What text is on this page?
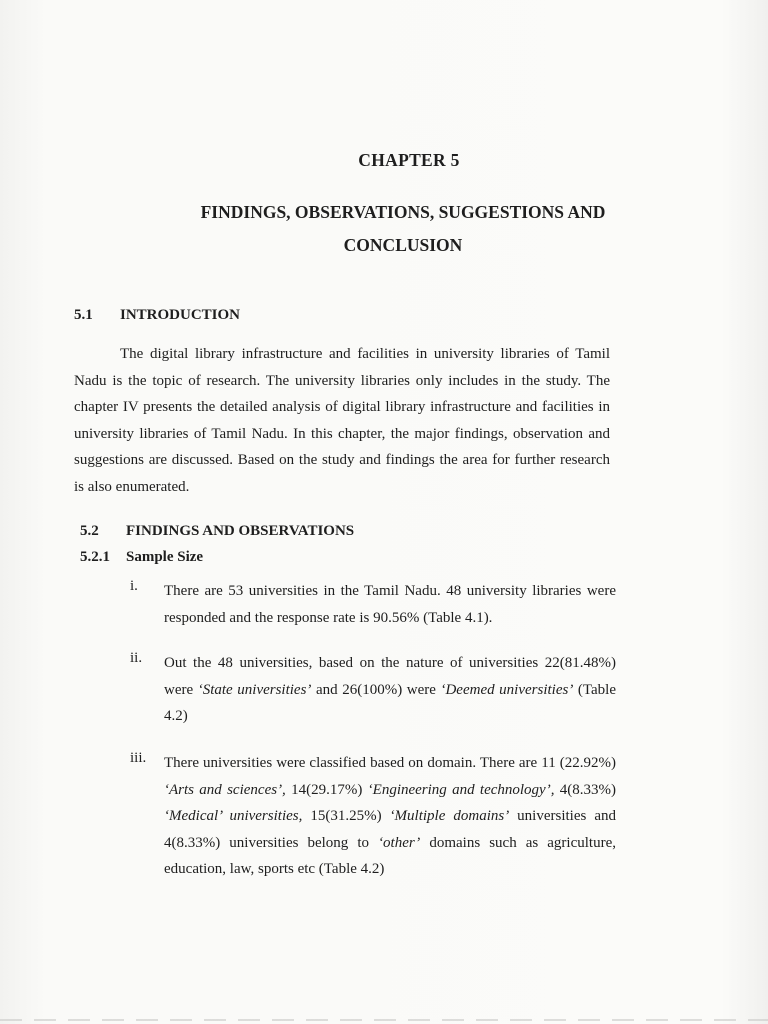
CHAPTER 5
FINDINGS, OBSERVATIONS, SUGGESTIONS AND
CONCLUSION
5.1 INTRODUCTION

The digital library infrastructure and facilities in university libraries of Tamil Nadu is the topic of research. The university libraries only includes in the study. The chapter IV presents the detailed analysis of digital library infrastructure and facilities in university libraries of Tamil Nadu. In this chapter, the major findings, observation and suggestions are discussed. Based on the study and findings the area for further research is also enumerated.

5.2 FINDINGS AND OBSERVATIONS
5.2.1 Sample Size
i. There are 53 universities in the Tamil Nadu. 48 university libraries were responded and the response rate is 90.56% (Table 4.1).

ii. Out the 48 universities, based on the nature of universities 22(81.48%) were ‘State universities’ and 26(100%) were ‘Deemed universities’ (Table 4.2)

iii. There universities were classified based on domain. There are 11 (22.92%) ‘Arts and sciences’, 14(29.17%) ‘Engineering and technology’, 4(8.33%) ‘Medical’ universities, 15(31.25%) ‘Multiple domains’ universities and 4(8.33%) universities belong to ‘other’ domains such as agriculture, education, law, sports etc (Table 4.2)
